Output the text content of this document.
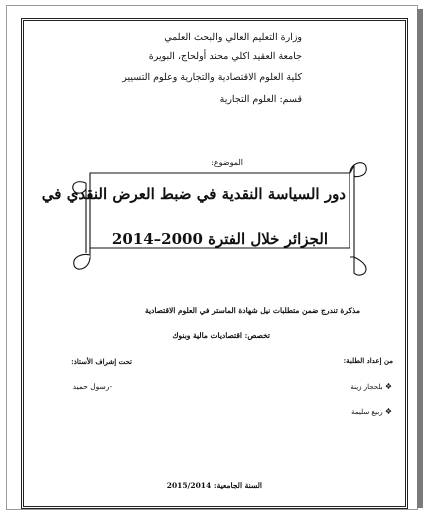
وزارة التعليم العالي والبحث العلمي
جامعة العقيد اكلي محند أولحاج، البويرة
كلية العلوم الاقتصادية والتجارية وعلوم التسيير
قسم: العلوم التجارية
الموضوع:
دور السياسة النقدية في ضبط العرض النقدي في
الجزائر خلال الفترة 2000–2014
مذكرة تندرج ضمن متطلبات نيل شهادة الماستر في العلوم الاقتصادية
تخصص: اقتصاديات مالية وبنوك
من إعداد الطلبة:
❖ بلحجار زينة
❖ ربيع سليمة
تحت إشراف الأستاذ:
-رسول حميد
السنة الجامعية: 2015/2014
